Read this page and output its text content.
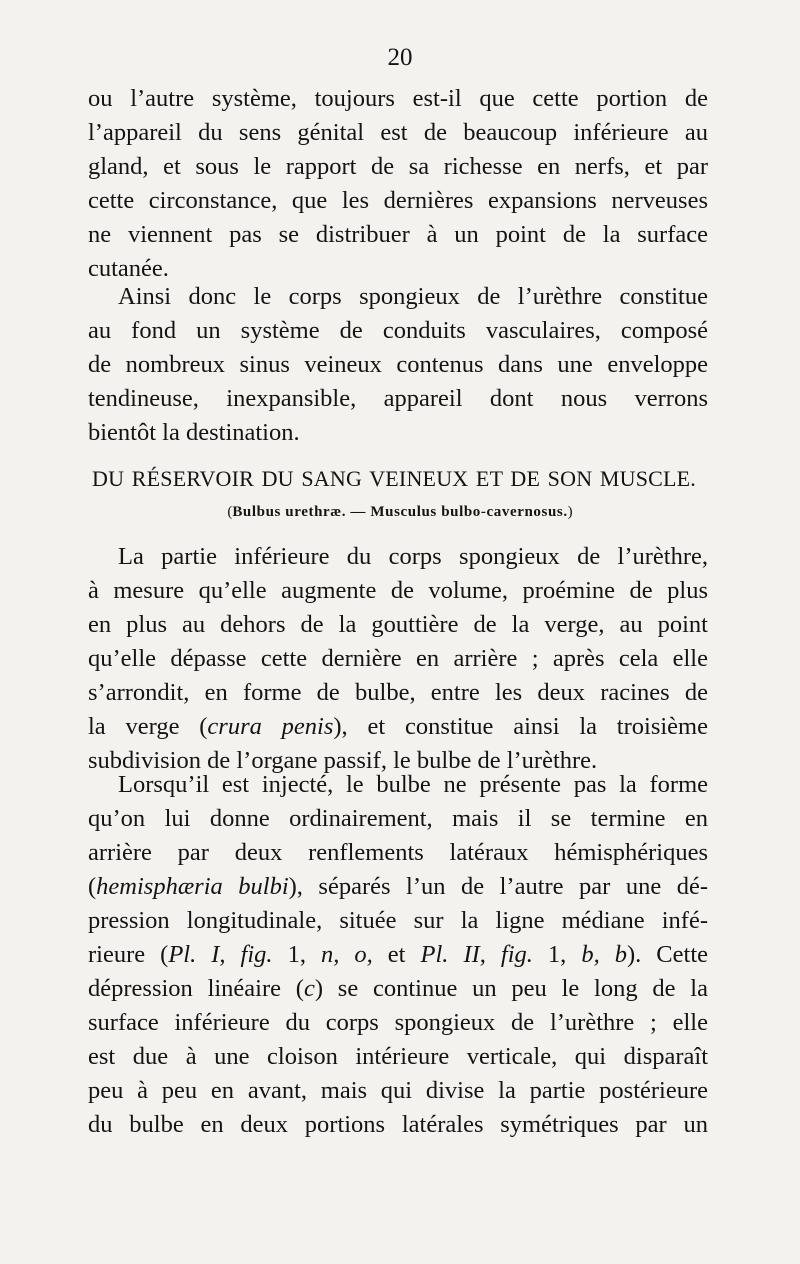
20
ou l’autre système, toujours est-il que cette portion de
l’appareil du sens génital est de beaucoup inférieure au
gland, et sous le rapport de sa richesse en nerfs, et par
cette circonstance, que les dernières expansions nerveuses
ne viennent pas se distribuer à un point de la surface
cutanée.
Ainsi donc le corps spongieux de l’urèthre constitue
au fond un système de conduits vasculaires, composé
de nombreux sinus veineux contenus dans une enveloppe
tendineuse, inexpansible, appareil dont nous verrons
bientôt la destination.
DU RÉSERVOIR DU SANG VEINEUX ET DE SON MUSCLE.
(Bulbus urethræ. — Musculus bulbo-cavernosus.)
La partie inférieure du corps spongieux de l’urèthre,
à mesure qu’elle augmente de volume, proémine de plus
en plus au dehors de la gouttière de la verge, au point
qu’elle dépasse cette dernière en arrière ; après cela elle
s’arrondit, en forme de bulbe, entre les deux racines de
la verge (crura penis), et constitue ainsi la troisième
subdivision de l’organe passif, le bulbe de l’urèthre.
Lorsqu’il est injecté, le bulbe ne présente pas la forme
qu’on lui donne ordinairement, mais il se termine en
arrière par deux renflements latéraux hémisphériques
(hemisphæria bulbi), séparés l’un de l’autre par une dé-
pression longitudinale, située sur la ligne médiane infé-
rieure (Pl. I, fig. 1, n, o, et Pl. II, fig. 1, b, b). Cette
dépression linéaire (c) se continue un peu le long de la
surface inférieure du corps spongieux de l’urèthre ; elle
est due à une cloison intérieure verticale, qui disparaît
peu à peu en avant, mais qui divise la partie postérieure
du bulbe en deux portions latérales symétriques par un
